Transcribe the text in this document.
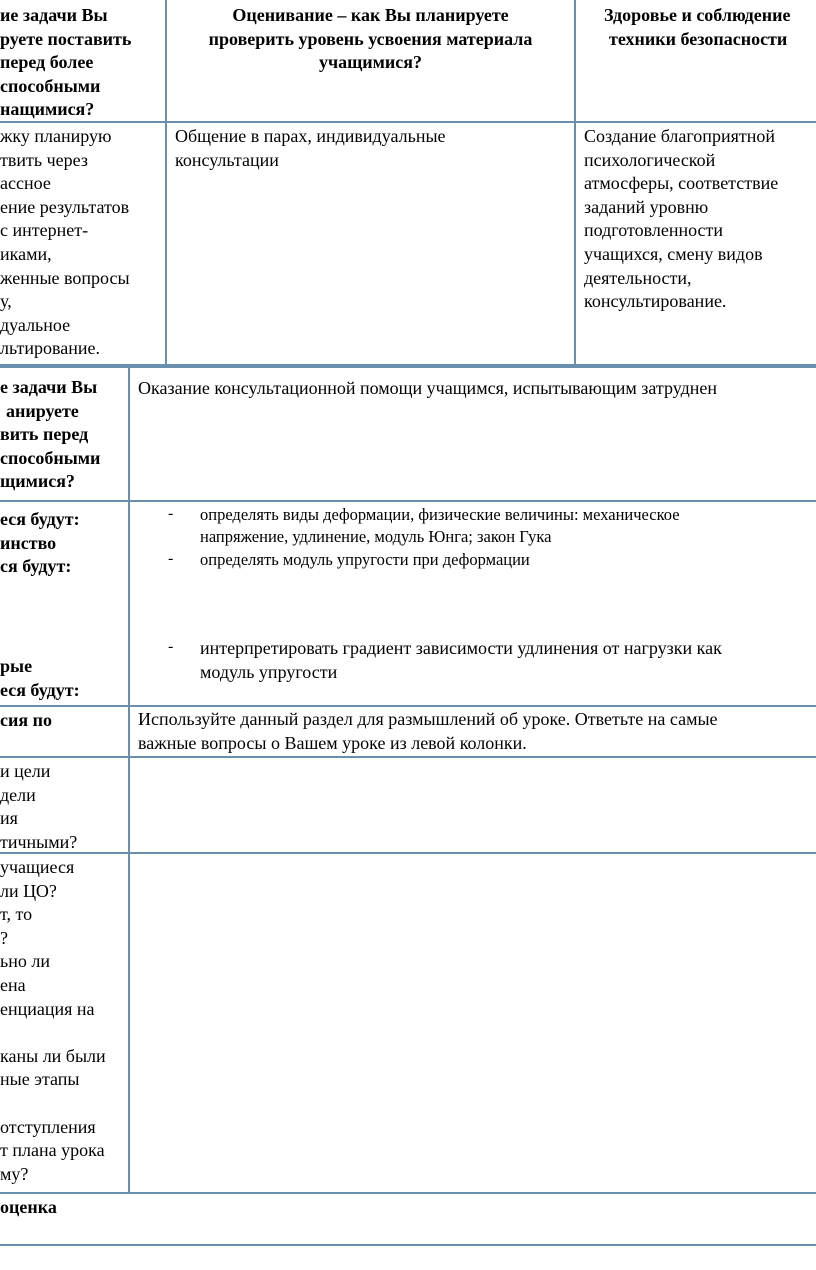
ие задачи Вы
руете поставить
перед более
способными
нащимися?
Оценивание – как Вы планируете
проверить уровень усвоения материала
учащимися?
Здоровье и соблюдение
техники безопасности
жку планирую
твить через
ассное
ение результатов
с интернет-
иками,
женные вопросы
у,
дуальное
льтирование.
Общение в парах, индивидуальные
консультации
Создание благоприятной
психологической
атмосферы, соответствие
заданий уровню
подготовленности
учащихся, смену видов
деятельности,
консультирование.
е задачи Вы
анируете
вить перед
способными
щимися?
Оказание консультационной помощи учащимся, испытывающим затруднен
еся будут:
инство
ся будут:
рые
еся будут:
- определять виды деформации, физические величины: механическое
напряжение, удлинение, модуль Юнга; закон Гука
- определять модуль упругости при деформации
- интерпретировать градиент зависимости удлинения от нагрузки как
модуль упругости
сия по	Используйте данный раздел для размышлений об уроке. Ответьте на самые
важные вопросы о Вашем уроке из левой колонки.
и цели
дели
ия
тичными?
учащиеся
ли ЦО?
т, то
?
ьно ли
ена
енциация на

каны ли были
ные этапы

отступления
т плана урока
му?
оценка
